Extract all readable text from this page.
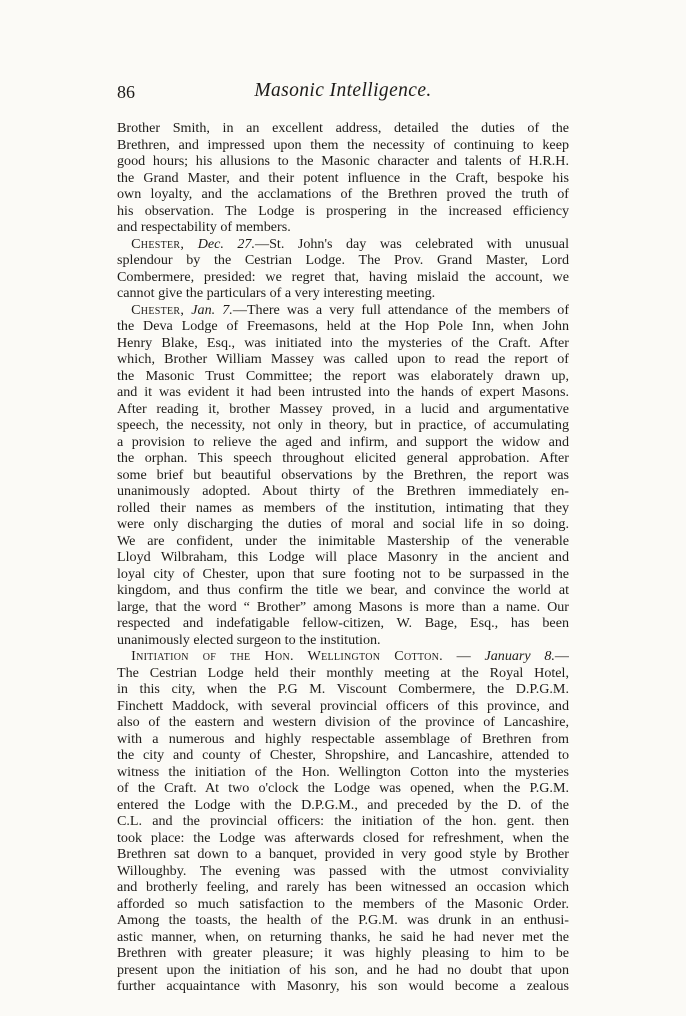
86	Masonic Intelligence.
Brother Smith, in an excellent address, detailed the duties of the
Brethren, and impressed upon them the necessity of continuing to keep
good hours; his allusions to the Masonic character and talents of H.R.H.
the Grand Master, and their potent influence in the Craft, bespoke his
own loyalty, and the acclamations of the Brethren proved the truth of
his observation. The Lodge is prospering in the increased efficiency
and respectability of members.
 Chester, Dec. 27.—St. John's day was celebrated with unusual
splendour by the Cestrian Lodge. The Prov. Grand Master, Lord
Combermere, presided: we regret that, having mislaid the account, we
cannot give the particulars of a very interesting meeting.
 Chester, Jan. 7.—There was a very full attendance of the members of
the Deva Lodge of Freemasons, held at the Hop Pole Inn, when John
Henry Blake, Esq., was initiated into the mysteries of the Craft. After
which, Brother William Massey was called upon to read the report of
the Masonic Trust Committee; the report was elaborately drawn up,
and it was evident it had been intrusted into the hands of expert Masons.
After reading it, brother Massey proved, in a lucid and argumentative
speech, the necessity, not only in theory, but in practice, of accumulating
a provision to relieve the aged and infirm, and support the widow and
the orphan. This speech throughout elicited general approbation. After
some brief but beautiful observations by the Brethren, the report was
unanimously adopted. About thirty of the Brethren immediately en-
rolled their names as members of the institution, intimating that they
were only discharging the duties of moral and social life in so doing.
We are confident, under the inimitable Mastership of the venerable
Lloyd Wilbraham, this Lodge will place Masonry in the ancient and
loyal city of Chester, upon that sure footing not to be surpassed in the
kingdom, and thus confirm the title we bear, and convince the world at
large, that the word “ Brother” among Masons is more than a name. Our
respected and indefatigable fellow-citizen, W. Bage, Esq., has been
unanimously elected surgeon to the institution.
 Initiation of the Hon. Wellington Cotton. — January 8.—
The Cestrian Lodge held their monthly meeting at the Royal Hotel,
in this city, when the P.G M. Viscount Combermere, the D.P.G.M.
Finchett Maddock, with several provincial officers of this province, and
also of the eastern and western division of the province of Lancashire,
with a numerous and highly respectable assemblage of Brethren from
the city and county of Chester, Shropshire, and Lancashire, attended to
witness the initiation of the Hon. Wellington Cotton into the mysteries
of the Craft. At two o'clock the Lodge was opened, when the P.G.M.
entered the Lodge with the D.P.G.M., and preceded by the D. of the
C.L. and the provincial officers: the initiation of the hon. gent. then
took place: the Lodge was afterwards closed for refreshment, when the
Brethren sat down to a banquet, provided in very good style by Brother
Willoughby. The evening was passed with the utmost conviviality
and brotherly feeling, and rarely has been witnessed an occasion which
afforded so much satisfaction to the members of the Masonic Order.
Among the toasts, the health of the P.G.M. was drunk in an enthusi-
astic manner, when, on returning thanks, he said he had never met the
Brethren with greater pleasure; it was highly pleasing to him to be
present upon the initiation of his son, and he had no doubt that upon
further acquaintance with Masonry, his son would become a zealous
